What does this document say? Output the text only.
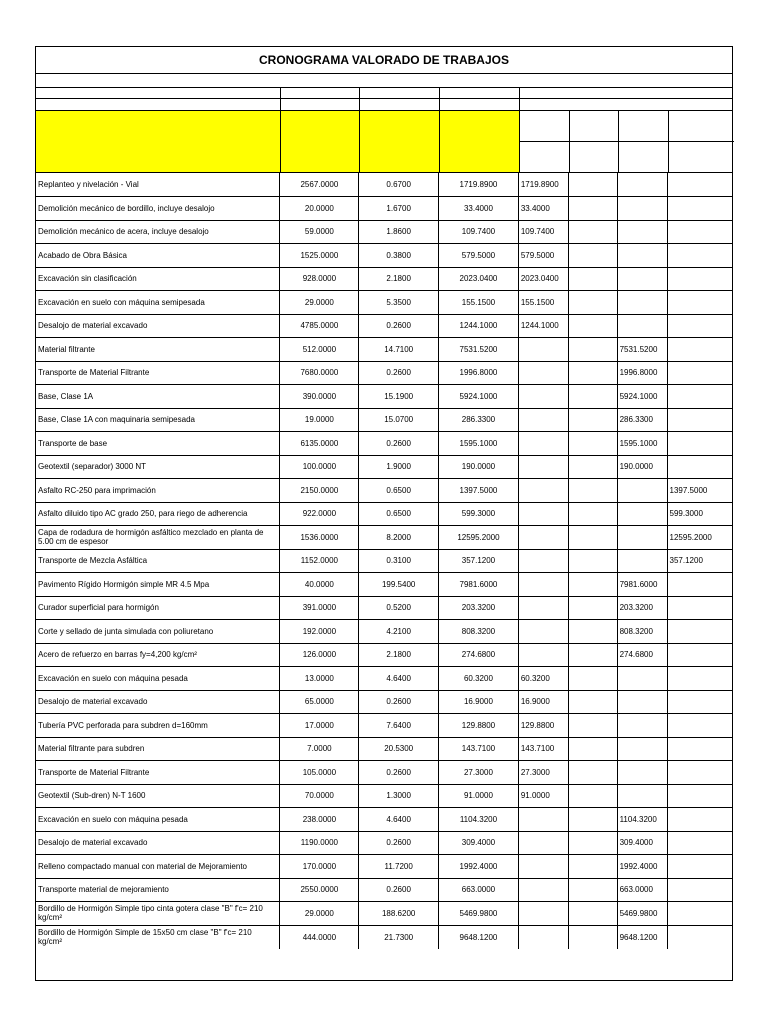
CRONOGRAMA VALORADO DE TRABAJOS
Replanteo y nivelación - Vial	2567.0000	0.6700	1719.8900	1719.8900			
Demolición mecánico de bordillo, incluye desalojo	20.0000	1.6700	33.4000	33.4000			
Demolición mecánico de acera, incluye desalojo	59.0000	1.8600	109.7400	109.7400			
Acabado de Obra Básica	1525.0000	0.3800	579.5000	579.5000			
Excavación sin clasificación	928.0000	2.1800	2023.0400	2023.0400			
Excavación en suelo con máquina semipesada	29.0000	5.3500	155.1500	155.1500			
Desalojo de material excavado	4785.0000	0.2600	1244.1000	1244.1000			
Material filtrante	512.0000	14.7100	7531.5200			7531.5200	
Transporte de Material Filtrante	7680.0000	0.2600	1996.8000			1996.8000	
Base, Clase 1A	390.0000	15.1900	5924.1000			5924.1000	
Base, Clase 1A con maquinaria semipesada	19.0000	15.0700	286.3300			286.3300	
Transporte de base	6135.0000	0.2600	1595.1000			1595.1000	
Geotextil (separador) 3000 NT	100.0000	1.9000	190.0000			190.0000	
Asfalto RC-250 para imprimación	2150.0000	0.6500	1397.5000				1397.5000
Asfalto diluido tipo AC grado 250, para riego de adherencia	922.0000	0.6500	599.3000				599.3000
Capa de rodadura de hormigón asfáltico mezclado en planta de 5.00 cm de espesor	1536.0000	8.2000	12595.2000				12595.2000
Transporte de Mezcla Asfáltica	1152.0000	0.3100	357.1200				357.1200
Pavimento Rígido Hormigón simple MR 4.5 Mpa	40.0000	199.5400	7981.6000			7981.6000	
Curador superficial para hormigón	391.0000	0.5200	203.3200			203.3200	
Corte y sellado de junta simulada con poliuretano	192.0000	4.2100	808.3200			808.3200	
Acero de refuerzo en barras fy=4,200 kg/cm²	126.0000	2.1800	274.6800			274.6800	
Excavación en suelo con máquina pesada	13.0000	4.6400	60.3200	60.3200			
Desalojo de material excavado	65.0000	0.2600	16.9000	16.9000			
Tubería PVC perforada para subdren d=160mm	17.0000	7.6400	129.8800	129.8800			
Material filtrante para subdren	7.0000	20.5300	143.7100	143.7100			
Transporte de Material Filtrante	105.0000	0.2600	27.3000	27.3000			
Geotextil (Sub-dren) N-T 1600	70.0000	1.3000	91.0000	91.0000			
Excavación en suelo con máquina pesada	238.0000	4.6400	1104.3200			1104.3200	
Desalojo de material excavado	1190.0000	0.2600	309.4000			309.4000	
Relleno compactado manual con material de Mejoramiento	170.0000	11.7200	1992.4000			1992.4000	
Transporte material de mejoramiento	2550.0000	0.2600	663.0000			663.0000	
Bordillo de Hormigón Simple tipo cinta gotera clase "B" f'c= 210 kg/cm²	29.0000	188.6200	5469.9800			5469.9800	
Bordillo de Hormigón Simple de 15x50 cm clase "B" f'c= 210 kg/cm²	444.0000	21.7300	9648.1200			9648.1200	
